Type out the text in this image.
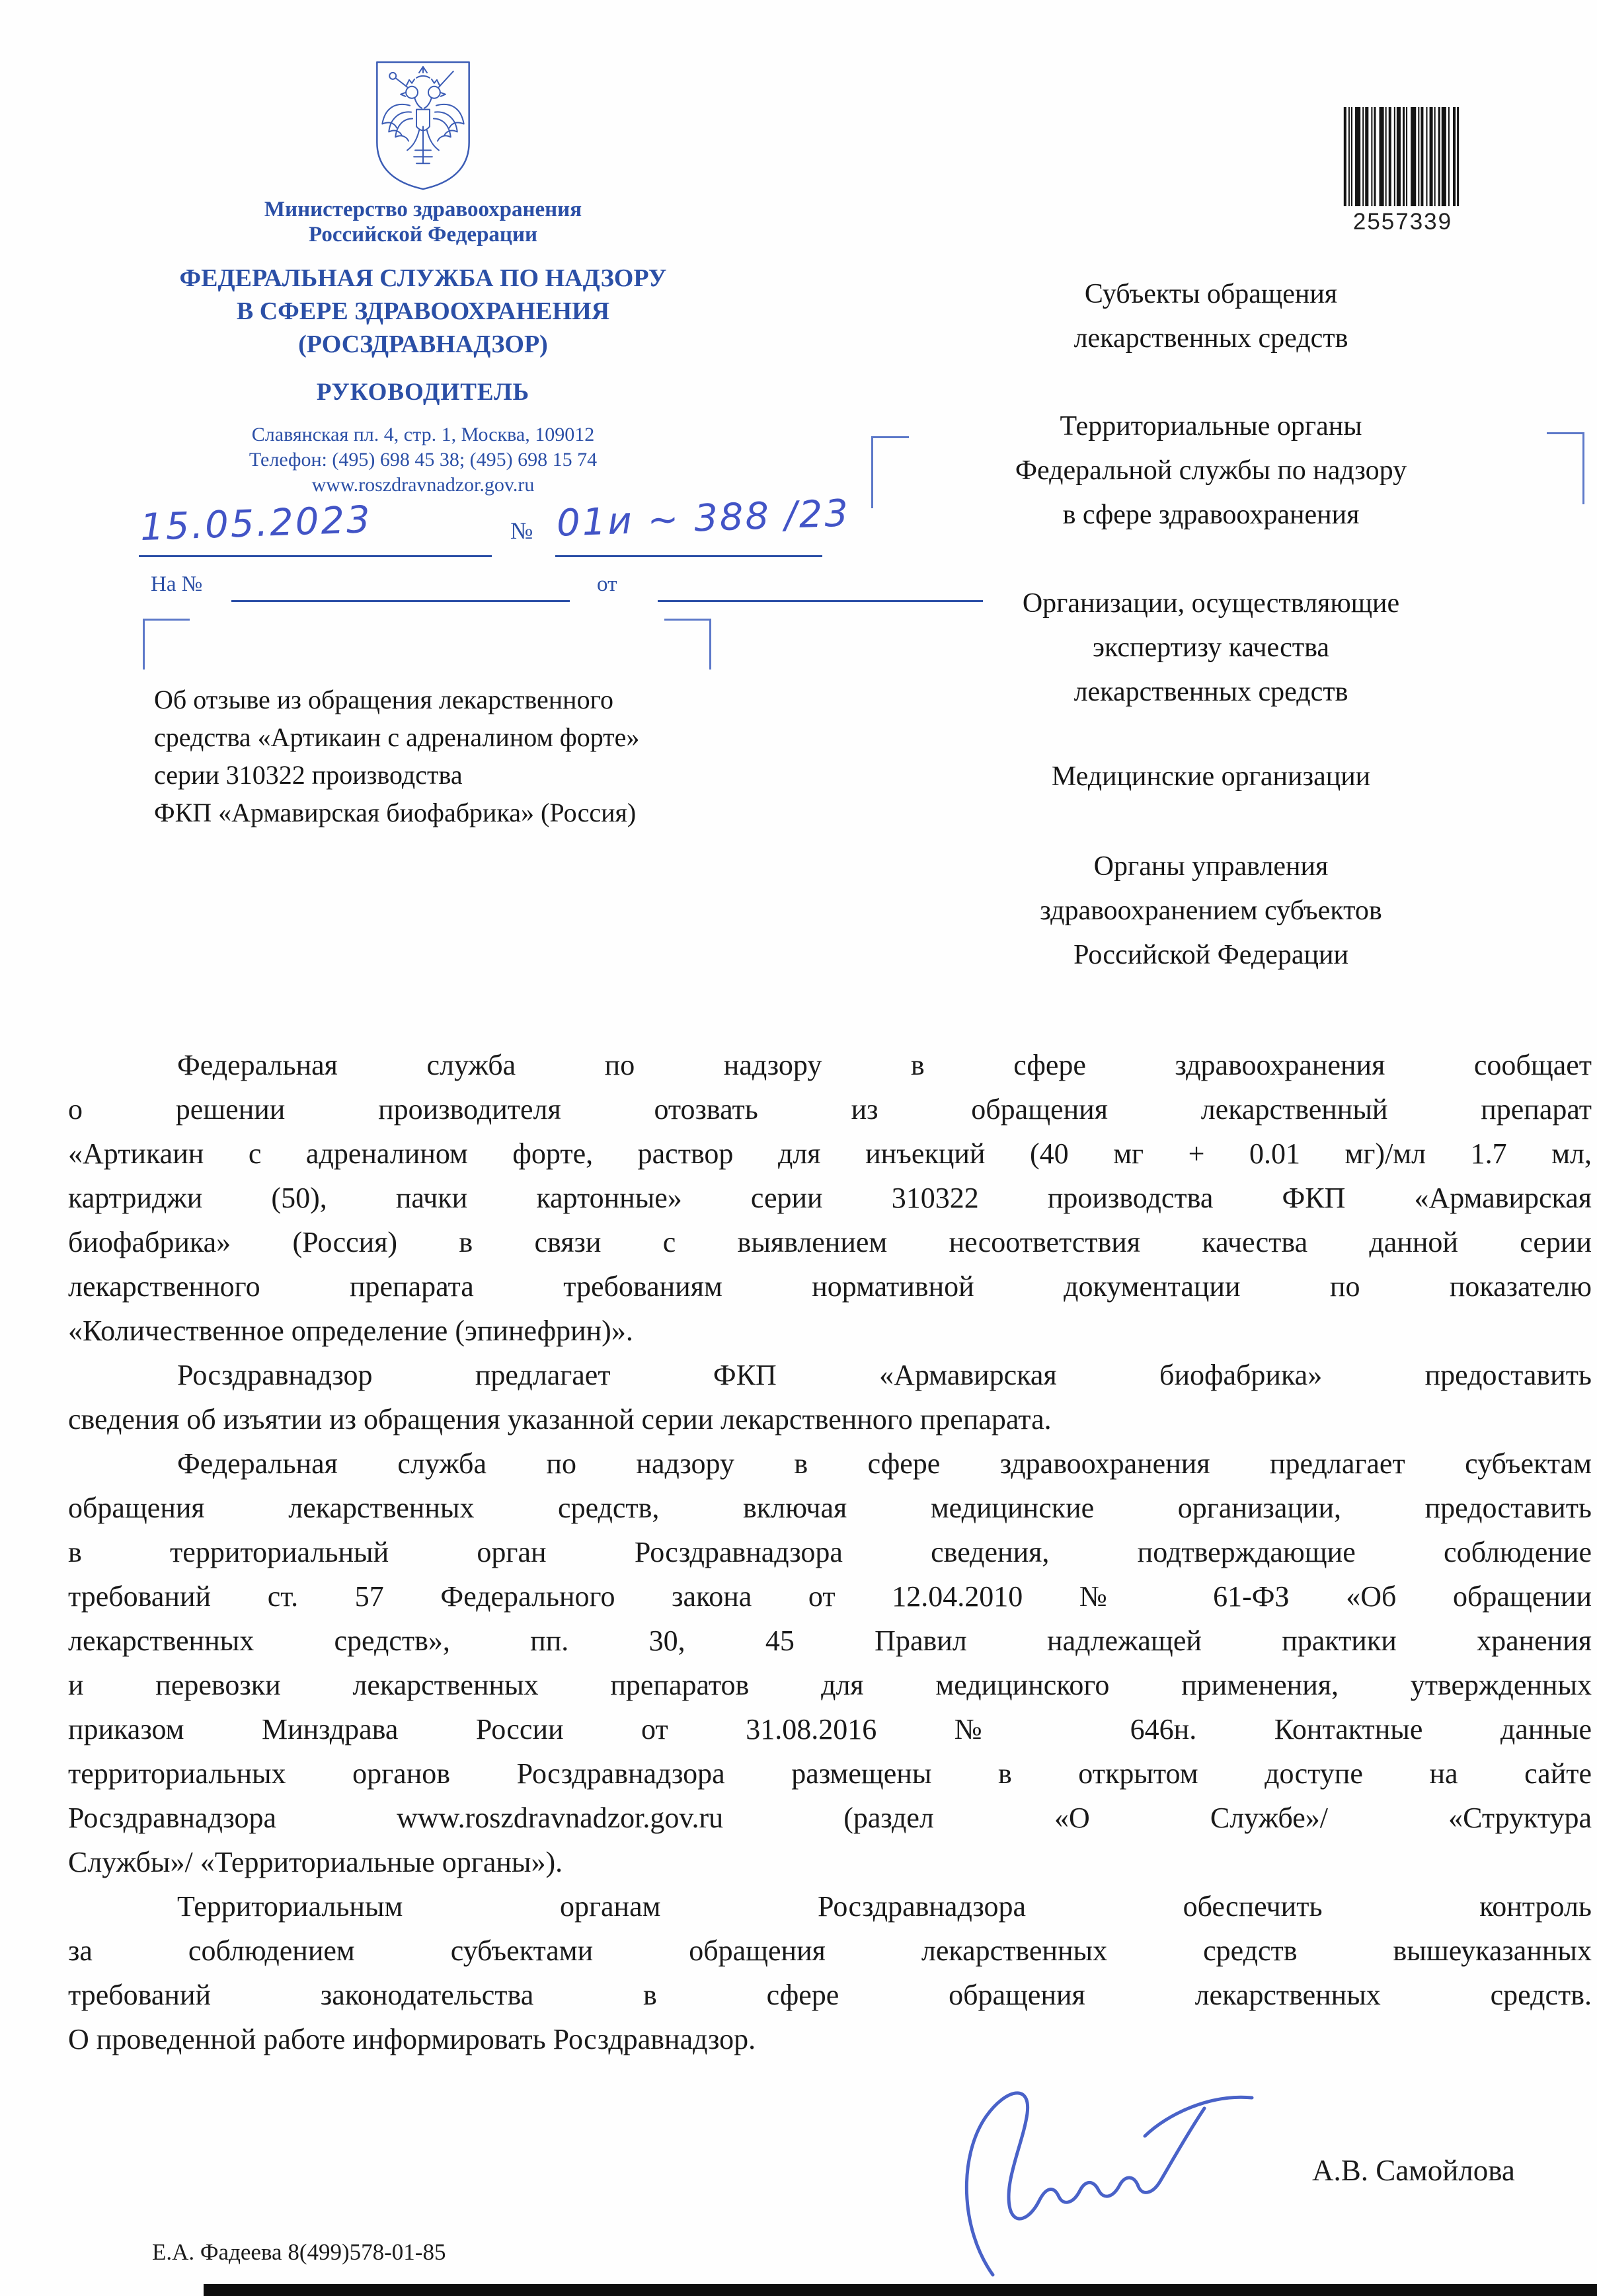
Министерство здравоохранения
Российской Федерации
ФЕДЕРАЛЬНАЯ СЛУЖБА ПО НАДЗОРУ
В СФЕРЕ ЗДРАВООХРАНЕНИЯ
(РОСЗДРАВНАДЗОР)
РУКОВОДИТЕЛЬ
Славянская пл. 4, стр. 1, Москва, 109012
Телефон: (495) 698 45 38; (495) 698 15 74
www.roszdravnadzor.gov.ru
15.05.2023	№ 01и ~ 388 /23
На №	от
2557339
Субъекты обращения
лекарственных средств
Территориальные органы
Федеральной службы по надзору
в сфере здравоохранения
Организации, осуществляющие
экспертизу качества
лекарственных средств
Медицинские организации
Органы управления
здравоохранением субъектов
Российской Федерации
Об отзыве из обращения лекарственного
средства «Артикаин с адреналином форте»
серии 310322 производства
ФКП «Армавирская биофабрика» (Россия)
Федеральная служба по надзору в сфере здравоохранения сообщает
о решении производителя отозвать из обращения лекарственный препарат
«Артикаин с адреналином форте, раствор для инъекций (40 мг + 0.01 мг)/мл 1.7 мл,
картриджи (50), пачки картонные» серии 310322 производства ФКП «Армавирская
биофабрика» (Россия) в связи с выявлением несоответствия качества данной серии
лекарственного препарата требованиям нормативной документации по показателю
«Количественное определение (эпинефрин)».
Росздравнадзор предлагает ФКП «Армавирская биофабрика» предоставить
сведения об изъятии из обращения указанной серии лекарственного препарата.
Федеральная служба по надзору в сфере здравоохранения предлагает субъектам
обращения лекарственных средств, включая медицинские организации, предоставить
в территориальный орган Росздравнадзора сведения, подтверждающие соблюдение
требований ст. 57 Федерального закона от 12.04.2010 № 61-ФЗ «Об обращении
лекарственных средств», пп. 30, 45 Правил надлежащей практики хранения
и перевозки лекарственных препаратов для медицинского применения, утвержденных
приказом Минздрава России от 31.08.2016 № 646н. Контактные данные
территориальных органов Росздравнадзора размещены в открытом доступе на сайте
Росздравнадзора www.roszdravnadzor.gov.ru (раздел «О Службе»/ «Структура
Службы»/ «Территориальные органы»).
Территориальным органам Росздравнадзора обеспечить контроль
за соблюдением субъектами обращения лекарственных средств вышеуказанных
требований законодательства в сфере обращения лекарственных средств.
О проведенной работе информировать Росздравнадзор.
А.В. Самойлова
Е.А. Фадеева 8(499)578-01-85
